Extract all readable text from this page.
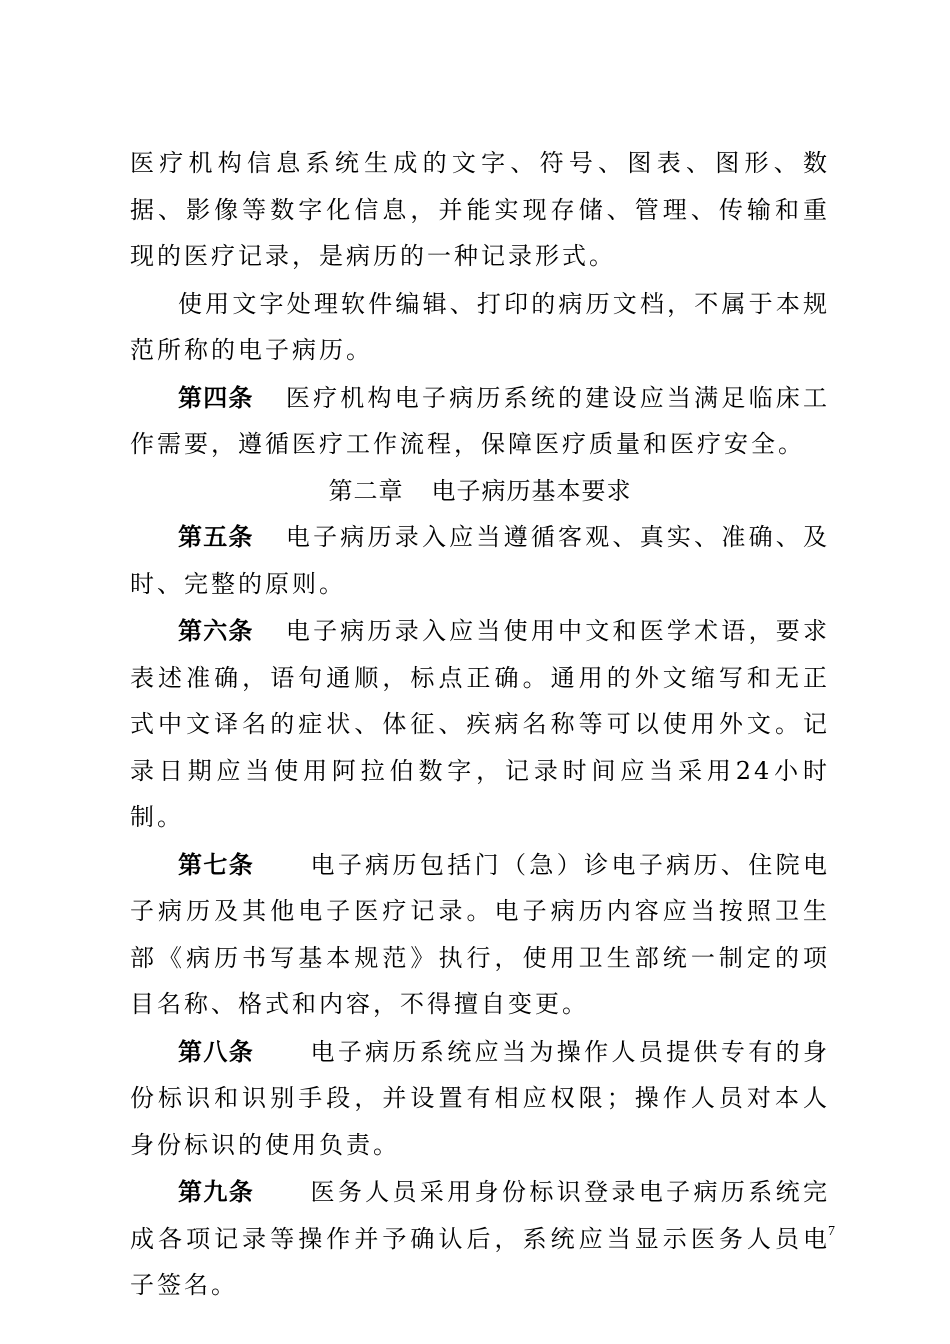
医疗机构信息系统生成的文字、符号、图表、图形、数据、影像等数字化信息，并能实现存储、管理、传输和重现的医疗记录，是病历的一种记录形式。

使用文字处理软件编辑、打印的病历文档，不属于本规范所称的电子病历。

第四条 医疗机构电子病历系统的建设应当满足临床工作需要，遵循医疗工作流程，保障医疗质量和医疗安全。

第二章 电子病历基本要求

第五条 电子病历录入应当遵循客观、真实、准确、及时、完整的原则。

第六条 电子病历录入应当使用中文和医学术语，要求表述准确，语句通顺，标点正确。通用的外文缩写和无正式中文译名的症状、体征、疾病名称等可以使用外文。记录日期应当使用阿拉伯数字，记录时间应当采用24小时制。

第七条 电子病历包括门（急）诊电子病历、住院电子病历及其他电子医疗记录。电子病历内容应当按照卫生部《病历书写基本规范》执行，使用卫生部统一制定的项目名称、格式和内容，不得擅自变更。

第八条 电子病历系统应当为操作人员提供专有的身份标识和识别手段，并设置有相应权限；操作人员对本人身份标识的使用负责。

第九条 医务人员采用身份标识登录电子病历系统完成各项记录等操作并予确认后，系统应当显示医务人员电子签名。

7
